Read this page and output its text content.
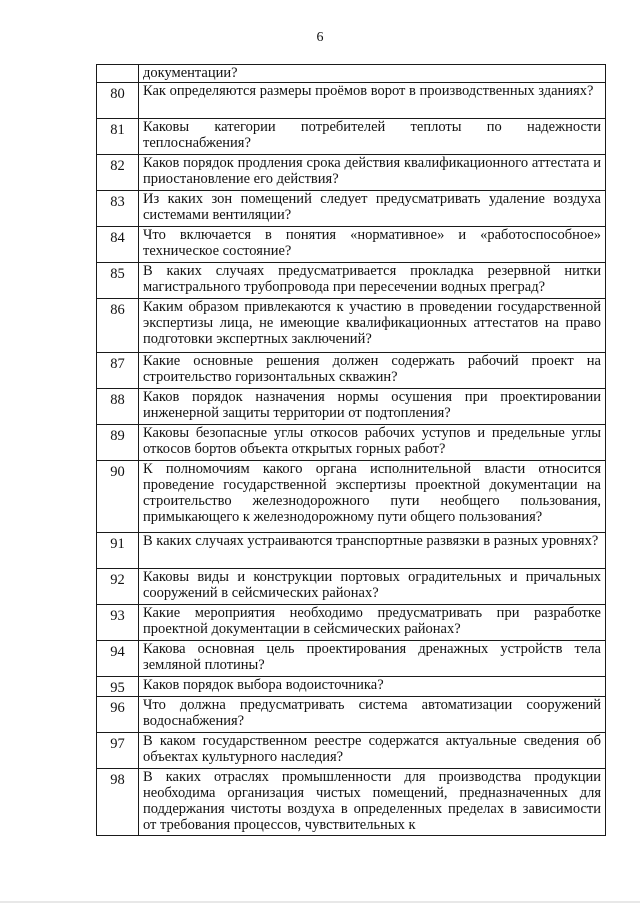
6
	документации?
80	Как определяются размеры проёмов ворот в производственных зданиях?
81	Каковы категории потребителей теплоты по надежности теплоснабжения?
82	Каков порядок продления срока действия квалификационного аттестата и приостановление его действия?
83	Из каких зон помещений следует предусматривать удаление воздуха системами вентиляции?
84	Что включается в понятия «нормативное» и «работоспособное» техническое состояние?
85	В каких случаях предусматривается прокладка резервной нитки магистрального трубопровода при пересечении водных преград?
86	Каким образом привлекаются к участию в проведении государственной экспертизы лица, не имеющие квалификационных аттестатов на право подготовки экспертных заключений?
87	Какие основные решения должен содержать рабочий проект на строительство горизонтальных скважин?
88	Каков порядок назначения нормы осушения при проектировании инженерной защиты территории от подтопления?
89	Каковы безопасные углы откосов рабочих уступов и предельные углы откосов бортов объекта открытых горных работ?
90	К полномочиям какого органа исполнительной власти относится проведение государственной экспертизы проектной документации на строительство железнодорожного пути необщего пользования, примыкающего к железнодорожному пути общего пользования?
91	В каких случаях устраиваются транспортные развязки в разных уровнях?
92	Каковы виды и конструкции портовых оградительных и причальных сооружений в сейсмических районах?
93	Какие мероприятия необходимо предусматривать при разработке проектной документации в сейсмических районах?
94	Какова основная цель проектирования дренажных устройств тела земляной плотины?
95	Каков порядок выбора водоисточника?
96	Что должна предусматривать система автоматизации сооружений водоснабжения?
97	В каком государственном реестре содержатся актуальные сведения об объектах культурного наследия?
98	В каких отраслях промышленности для производства продукции необходима организация чистых помещений, предназначенных для поддержания чистоты воздуха в определенных пределах в зависимости от требования процессов, чувствительных к
